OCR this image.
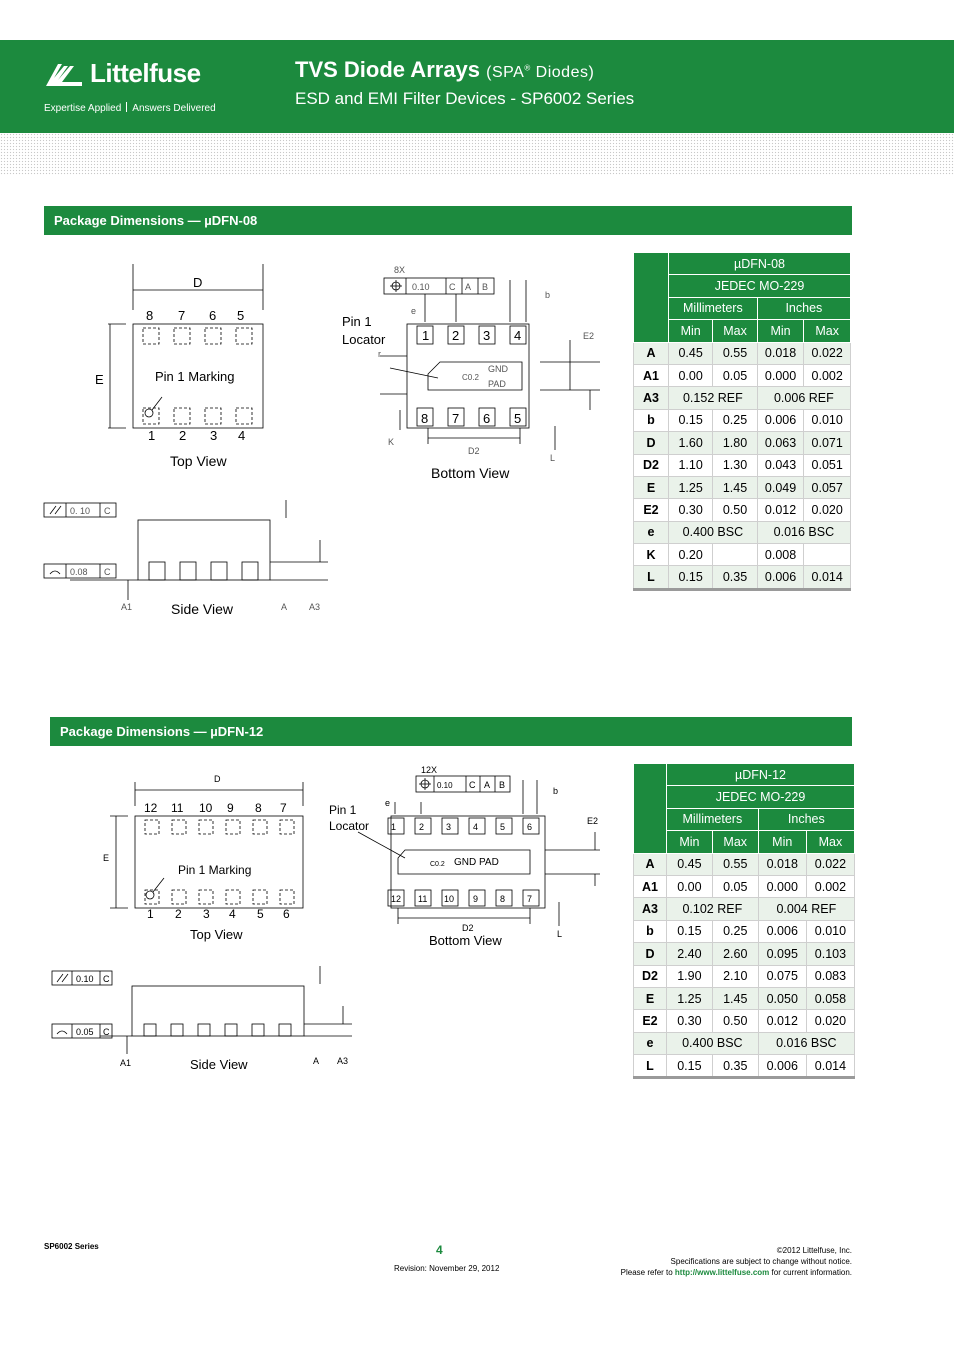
Littelfuse
Expertise Applied Answers Delivered
TVS Diode Arrays (SPA® Diodes)
ESD and EMI Filter Devices - SP6002 Series
Package Dimensions — µDFN-08
D
E
8 7 6 5
1 2 3 4
Pin 1 Marking
Top View
Pin 1
Locator	1 2 3 4
8 7 6 5
Bottom View
Side View
8X
0.10 C A B
e
b
E2
r
K
D2
L
C0.2
GND
PAD
0. 10 C
0.08 C
A1	A A3
	µDFN-08			
	JEDEC MO-229			
	Millimeters		Inches	
	Min	Max	Min	Max
A	0.45	0.55	0.018	0.022
A1	0.00	0.05	0.000	0.002
A3	0.152 REF		0.006 REF	
b	0.15	0.25	0.006	0.010
D	1.60	1.80	0.063	0.071
D2	1.10	1.30	0.043	0.051
E	1.25	1.45	0.049	0.057
E2	0.30	0.50	0.012	0.020
e	0.400 BSC		0.016 BSC	
K	0.20		0.008	
L	0.15	0.35	0.006	0.014
Package Dimensions — µDFN-12
12 11 10 9 8 7
1 2 3 4 5 6
Pin 1 Marking
Top View
Pin 1
Locator
Bottom View
Side View
D
E
1	2 3 4 5 6
12 11 10 9 8 7
12X
0.10 C A B
e
b
E2
D2
L
C0.2 GND PAD
0.10 C
0.05 C
A1	A A3
	µDFN-12			
	JEDEC MO-229			
	Millimeters		Inches	
	Min	Max	Min	Max
A	0.45	0.55	0.018	0.022
A1	0.00	0.05	0.000	0.002
A3	0.102 REF		0.004 REF	
b	0.15	0.25	0.006	0.010
D	2.40	2.60	0.095	0.103
D2	1.90	2.10	0.075	0.083
E	1.25	1.45	0.050	0.058
E2	0.30	0.50	0.012	0.020
e	0.400 BSC		0.016 BSC	
L	0.15	0.35	0.006	0.014
SP6002 Series	4
Revision: November 29, 2012
©2012 Littelfuse, Inc.
Specifications are subject to change without notice.
Please refer to http://www.littelfuse.com for current information.
